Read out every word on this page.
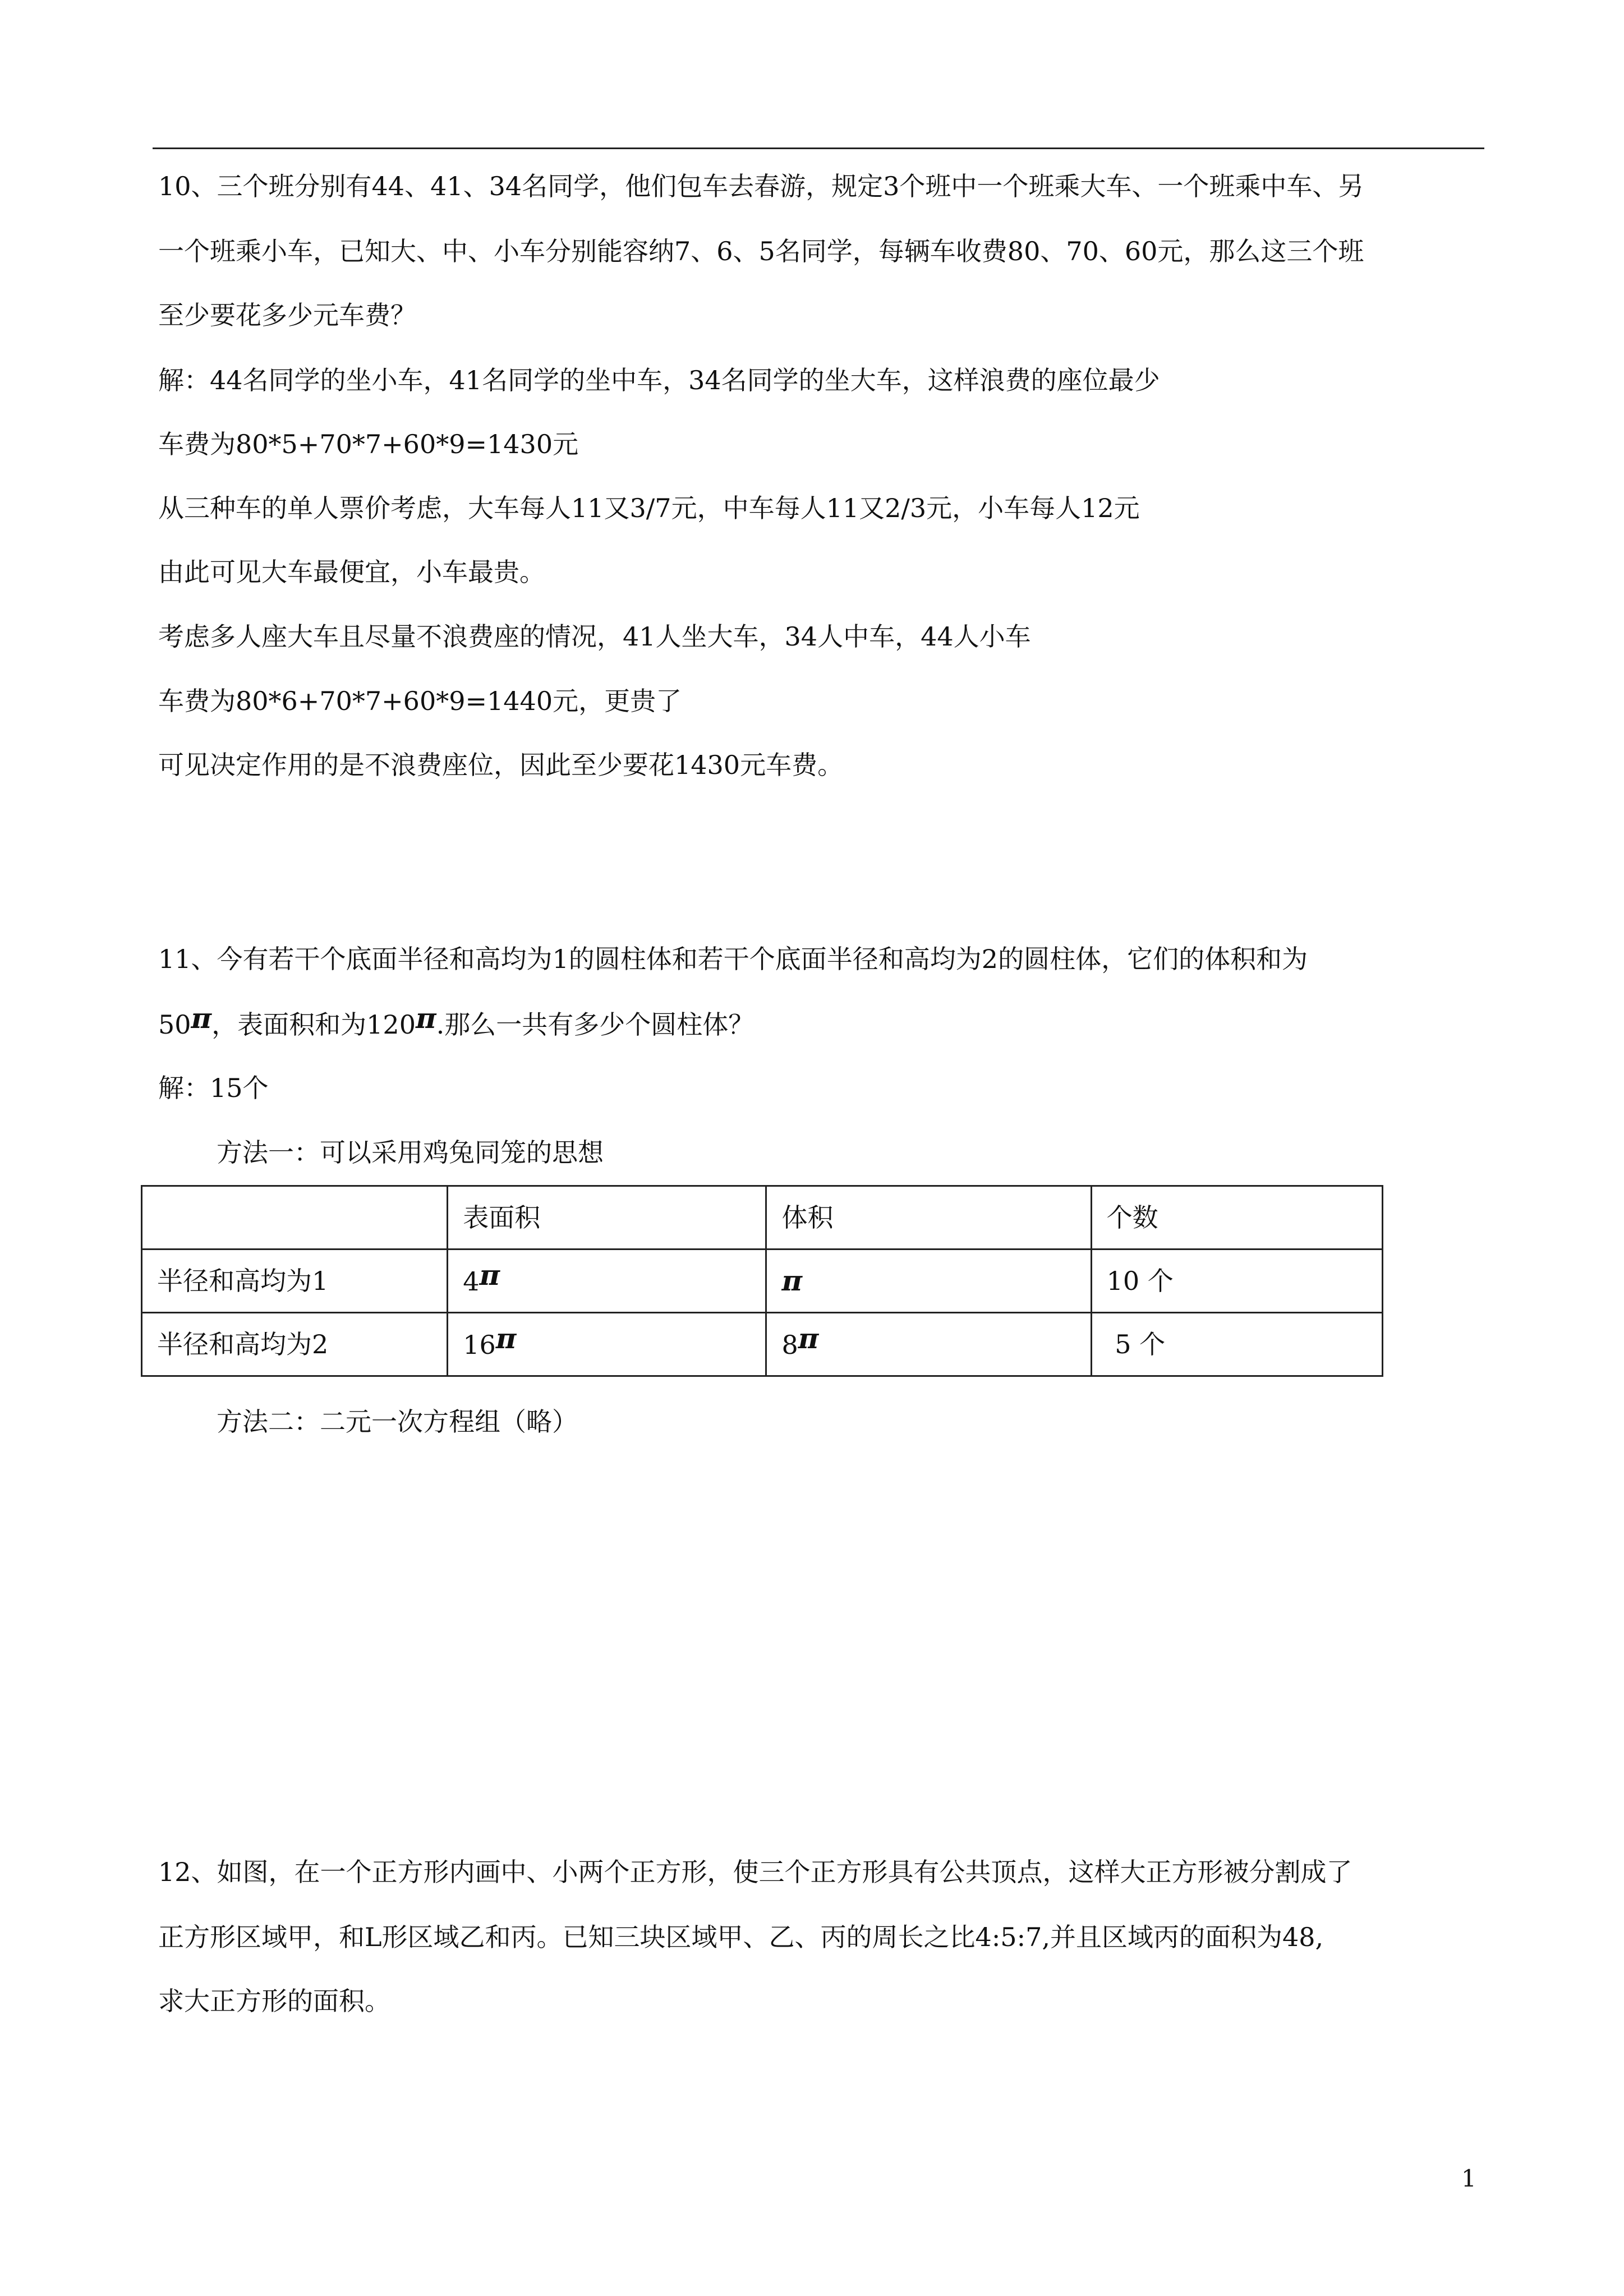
10、三个班分别有44、41、34名同学，他们包车去春游，规定3个班中一个班乘大车、一个班乘中车、另
一个班乘小车，已知大、中、小车分别能容纳7、6、5名同学，每辆车收费80、70、60元，那么这三个班
至少要花多少元车费？
解：44名同学的坐小车，41名同学的坐中车，34名同学的坐大车，这样浪费的座位最少
车费为80*5+70*7+60*9=1430元
从三种车的单人票价考虑，大车每人11又3/7元，中车每人11又2/3元，小车每人12元
由此可见大车最便宜，小车最贵。
考虑多人座大车且尽量不浪费座的情况，41人坐大车，34人中车，44人小车
车费为80*6+70*7+60*9=1440元，更贵了
可见决定作用的是不浪费座位，因此至少要花1430元车费。
11、今有若干个底面半径和高均为1的圆柱体和若干个底面半径和高均为2的圆柱体，它们的体积和为
50π，表面积和为120π.那么一共有多少个圆柱体？
解：15个
方法一：可以采用鸡兔同笼的思想
	表面积	体积	个数
半径和高均为1	4π	π	10 个
半径和高均为2	16π	8π	5 个
方法二：二元一次方程组（略）
12、如图，在一个正方形内画中、小两个正方形，使三个正方形具有公共顶点，这样大正方形被分割成了
正方形区域甲，和L形区域乙和丙。已知三块区域甲、乙、丙的周长之比4:5:7,并且区域丙的面积为48,
求大正方形的面积。
1
